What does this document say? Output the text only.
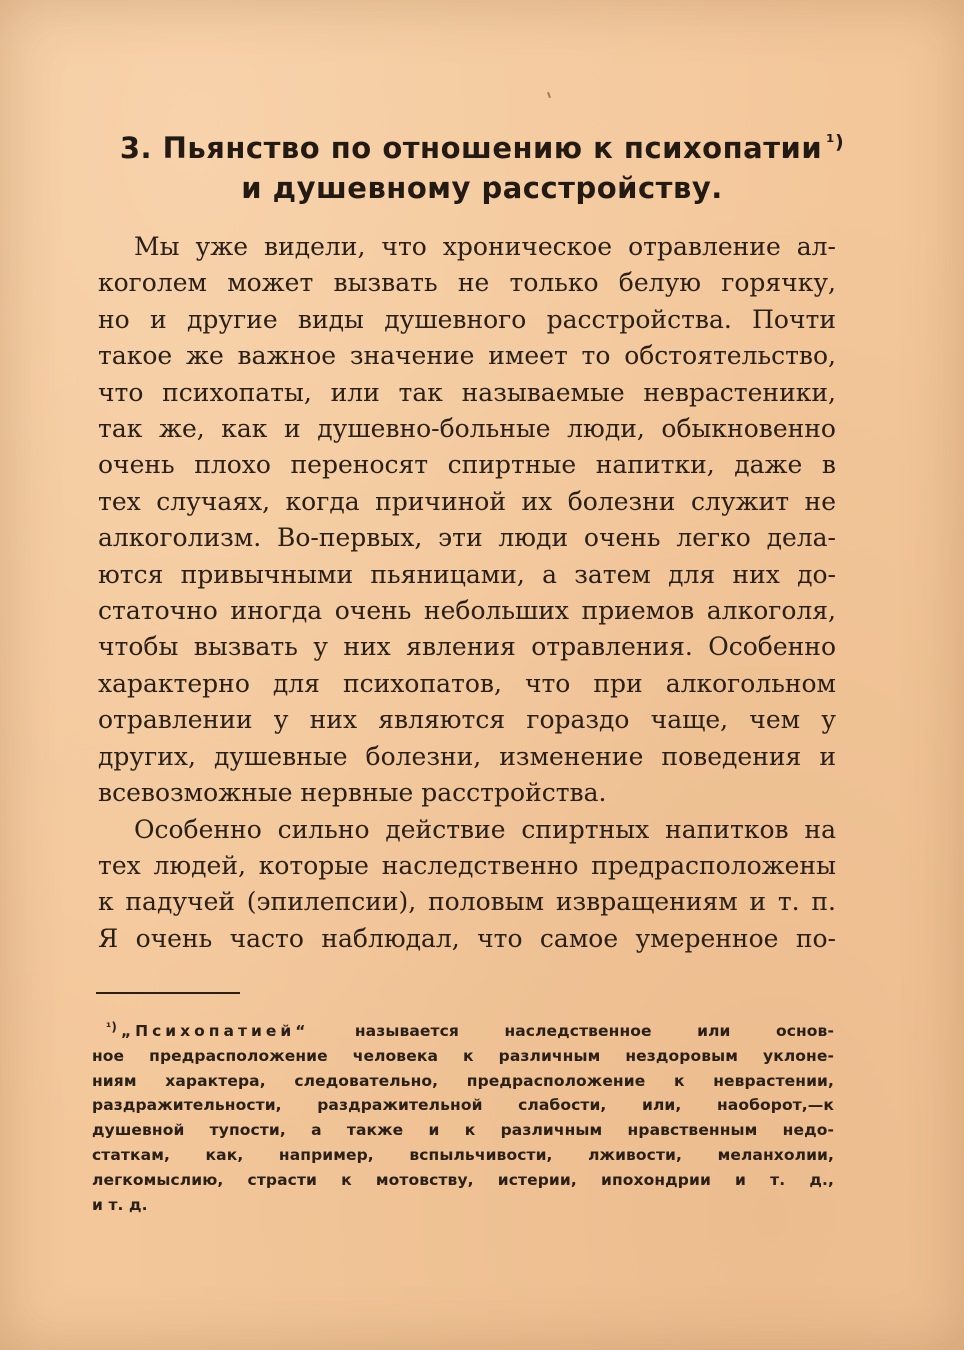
3. Пьянство по отношению к психопатии $^{^1)}$
и душевному расстройству.
Мы уже видели, что хроническое отравление ал-
коголем может вызвать не только белую горячку,
но и другие виды душевного расстройства. Почти
такое же важное значение имеет то обстоятельство,
что психопаты, или так называемые неврастеники,
так же, как и душевно-больные люди, обыкновенно
очень плохо переносят спиртные напитки, даже в
тех случаях, когда причиной их болезни служит не
алкоголизм. Во-первых, эти люди очень легко дела-
ются привычными пьяницами, а затем для них до-
статочно иногда очень небольших приемов алкоголя,
чтобы вызвать у них явления отравления. Особенно
характерно для психопатов, что при алкогольном
отравлении у них являются гораздо чаще, чем у
других, душевные болезни, изменение поведения и
всевозможные нервные расстройства.
Особенно сильно действие спиртных напитков на
тех людей, которые наследственно предрасположены
к падучей (эпилепсии), половым извращениям и т. п.
Я очень часто наблюдал, что самое умеренное по-
$^{^1)}$ „Психопатией“	называется наследственное или основ-
ное предрасположение человека к различным нездоровым уклоне-
ниям характера, следовательно, предрасположение к неврастении,
раздражительности, раздражительной слабости, или, наоборот,—к
душевной тупости, а также и к различным нравственным недо-
статкам, как, например, вспыльчивости, лживости, меланхолии,
легкомыслию, страсти к мотовству, истерии, ипохондрии и т. д.,
и т. д.
